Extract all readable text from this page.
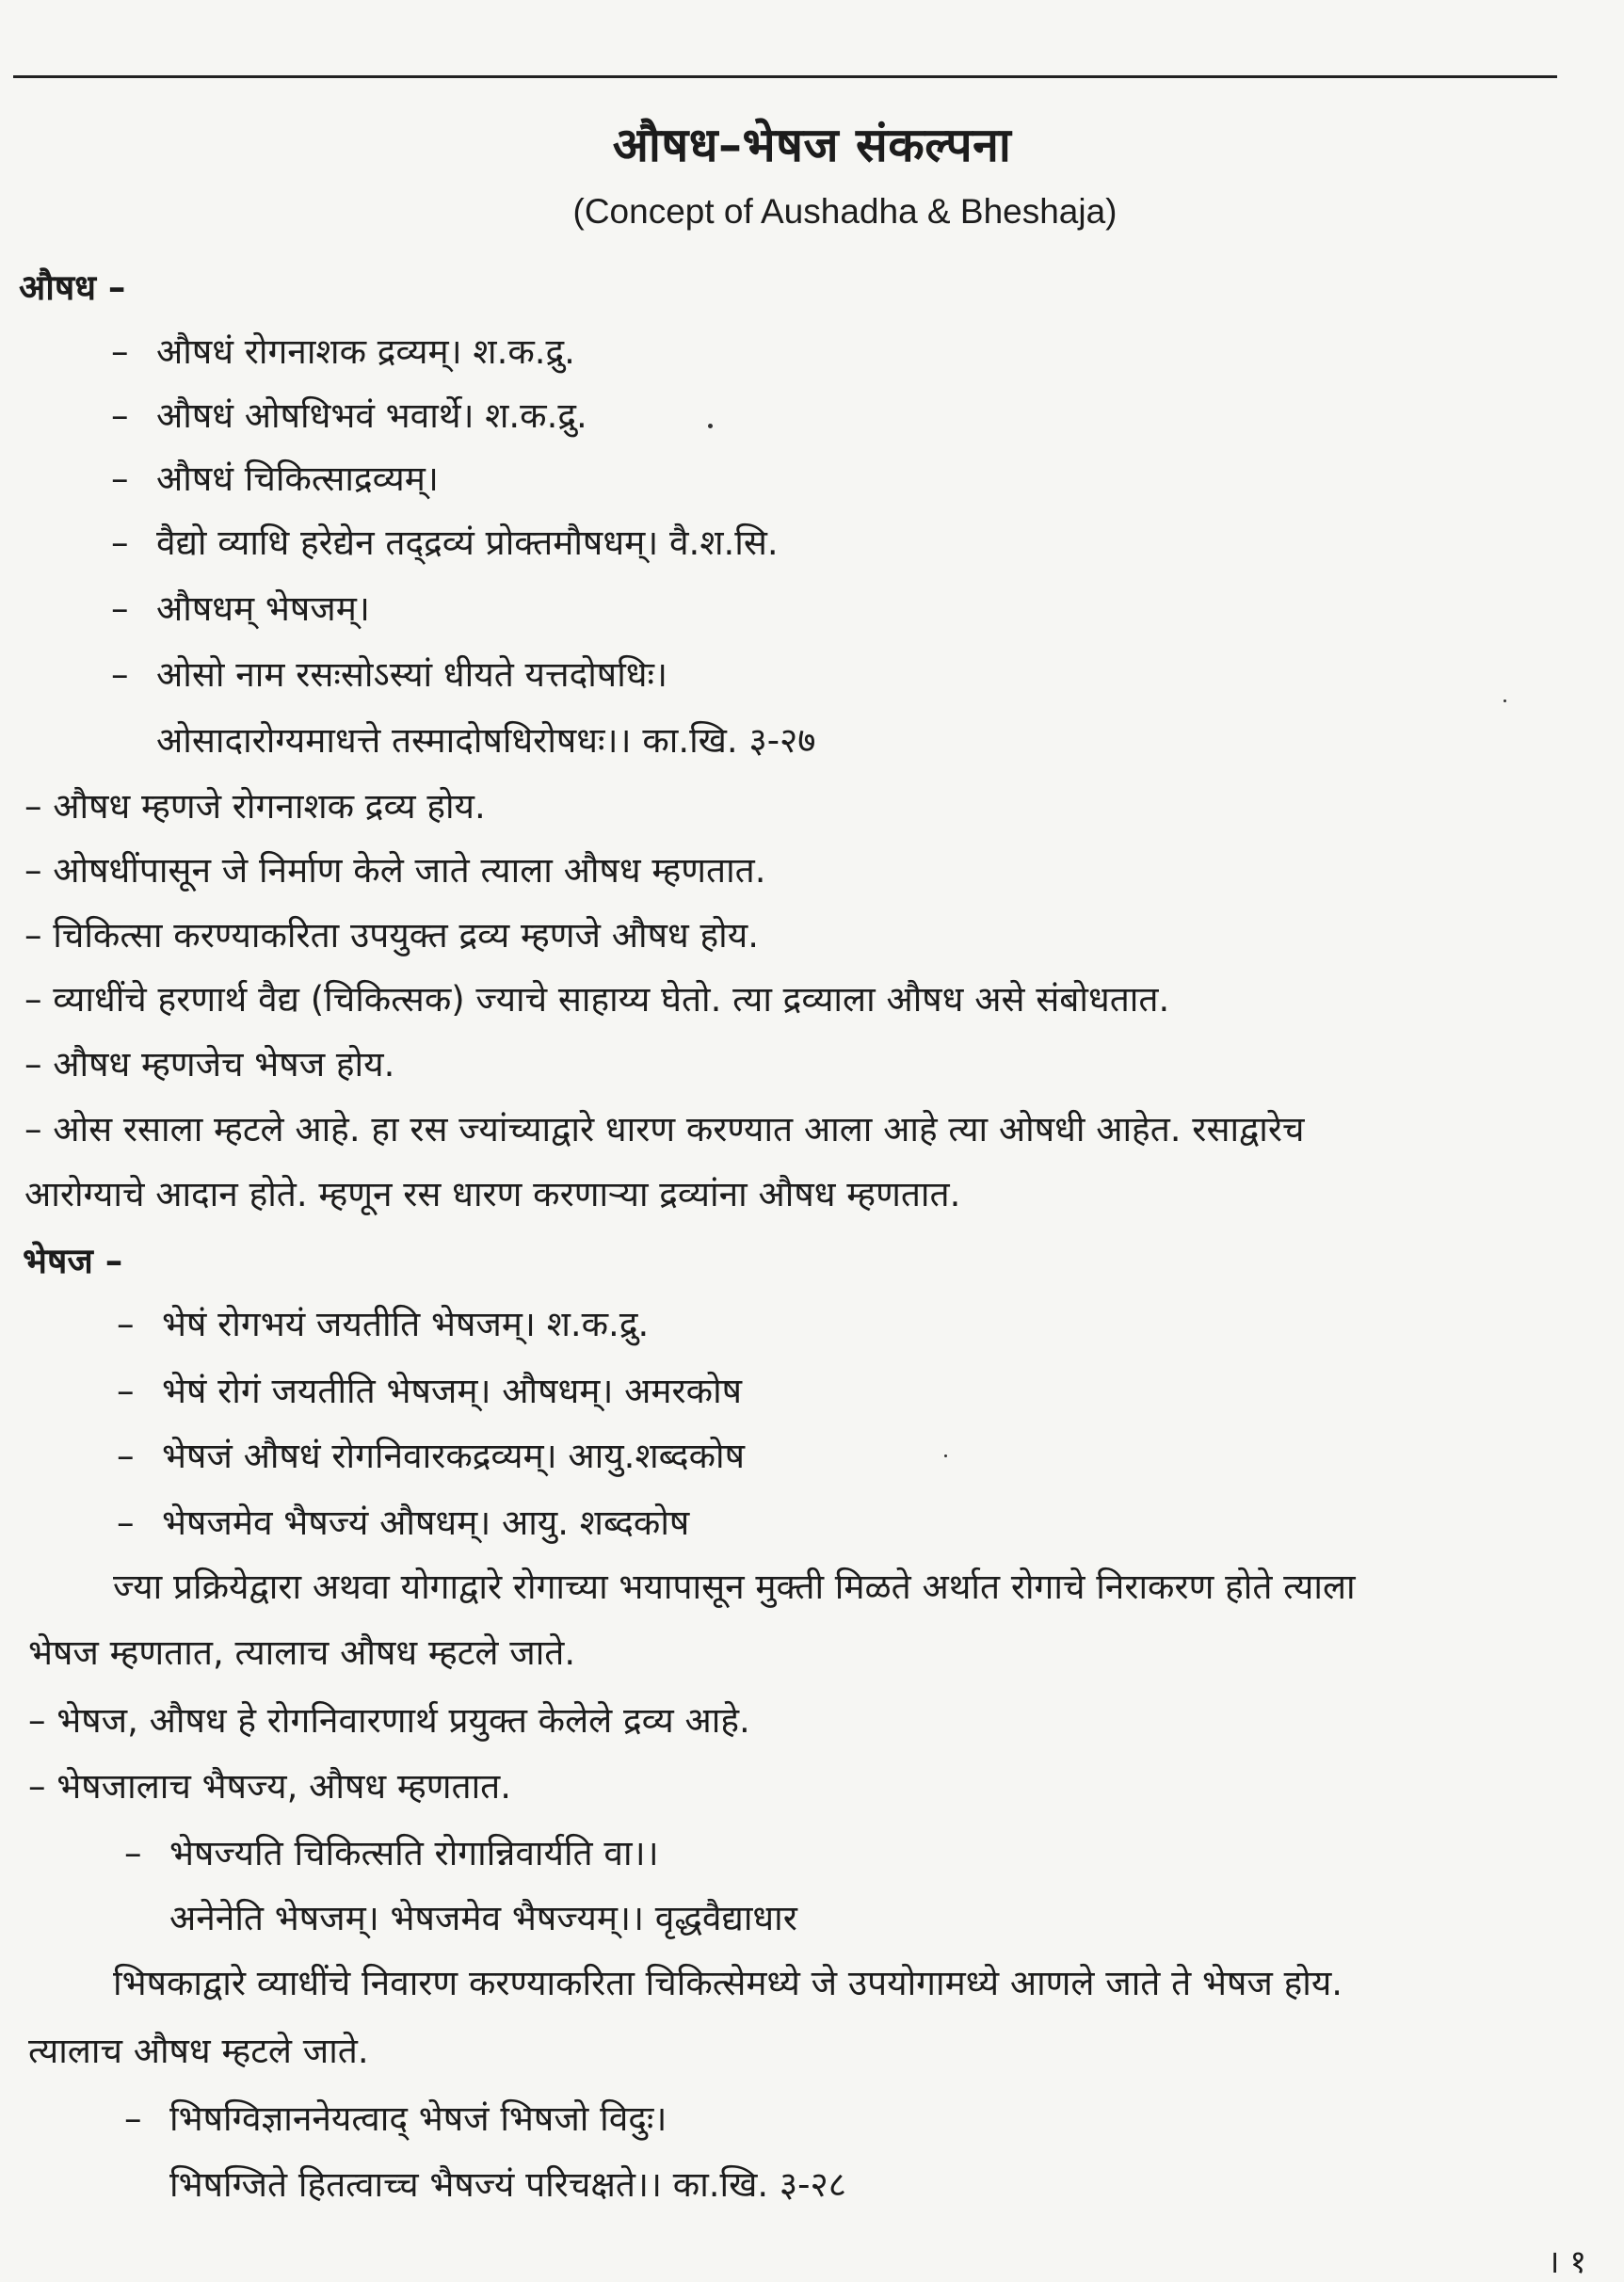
औषध–भेषज संकल्पना
(Concept of Aushadha & Bheshaja)
औषध –
– औषधं रोगनाशक द्रव्यम्। श.क.द्रु.
– औषधं ओषधिभवं भवार्थे। श.क.द्रु.
– औषधं चिकित्साद्रव्यम्।
– वैद्यो व्याधि हरेद्येन तद्द्रव्यं प्रोक्तमौषधम्। वै.श.सि.
– औषधम् भेषजम्।
– ओसो नाम रसःसोऽस्यां धीयते यत्तदोषधिः।
ओसादारोग्यमाधत्ते तस्मादोषधिरोषधः।। का.खि. ३-२७
– औषध म्हणजे रोगनाशक द्रव्य होय.
– ओषधींपासून जे निर्माण केले जाते त्याला औषध म्हणतात.
– चिकित्सा करण्याकरिता उपयुक्त द्रव्य म्हणजे औषध होय.
– व्याधींचे हरणार्थ वैद्य (चिकित्सक) ज्याचे साहाय्य घेतो. त्या द्रव्याला औषध असे संबोधतात.
– औषध म्हणजेच भेषज होय.
– ओस रसाला म्हटले आहे. हा रस ज्यांच्याद्वारे धारण करण्यात आला आहे त्या ओषधी आहेत. रसाद्वारेच
आरोग्याचे आदान होते. म्हणून रस धारण करणाऱ्या द्रव्यांना औषध म्हणतात.
भेषज –
– भेषं रोगभयं जयतीति भेषजम्। श.क.द्रु.
– भेषं रोगं जयतीति भेषजम्। औषधम्। अमरकोष
– भेषजं औषधं रोगनिवारकद्रव्यम्। आयु.शब्दकोष
– भेषजमेव भैषज्यं औषधम्। आयु. शब्दकोष
ज्या प्रक्रियेद्वारा अथवा योगाद्वारे रोगाच्या भयापासून मुक्ती मिळते अर्थात रोगाचे निराकरण होते त्याला
भेषज म्हणतात, त्यालाच औषध म्हटले जाते.
– भेषज, औषध हे रोगनिवारणार्थ प्रयुक्त केलेले द्रव्य आहे.
– भेषजालाच भैषज्य, औषध म्हणतात.
– भेषज्यति चिकित्सति रोगान्निवार्यति वा।।
अनेनेति भेषजम्। भेषजमेव भैषज्यम्।। वृद्धवैद्याधार
भिषकाद्वारे व्याधींचे निवारण करण्याकरिता चिकित्सेमध्ये जे उपयोगामध्ये आणले जाते ते भेषज होय.
त्यालाच औषध म्हटले जाते.
– भिषग्विज्ञाननेयत्वाद् भेषजं भिषजो विदुः।
भिषग्जिते हितत्वाच्च भैषज्यं परिचक्षते।। का.खि. ३-२८
। १
